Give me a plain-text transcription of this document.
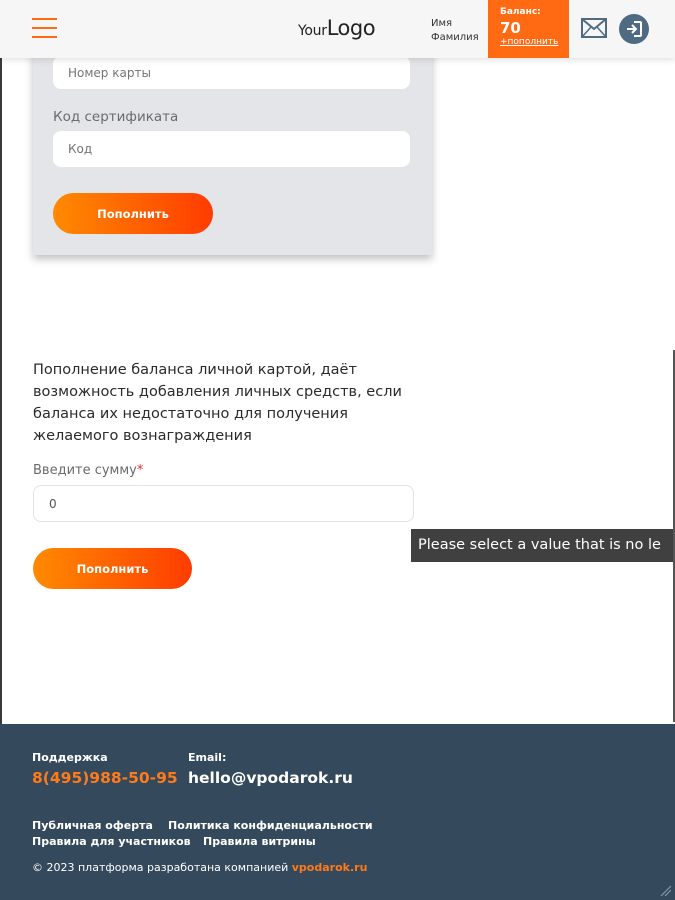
YourLogo	Имя
Фамилия
Баланс:
70
+пополнить
Номер карты
Код сертификата
Код
Пополнить
Пополнение баланса личной картой, даёт возможность добавления личных средств, если баланса их недостаточно для получения желаемого вознаграждения
Введите сумму*
0
Пополнить
Please select a value that is no le
Поддержка	Email:
8(495)988-50-95 hello@vpodarok.ru
Публичная оферта Политика конфиденциальности
Правила для участников Правила витрины
© 2023 платформа разработана компанией vpodarok.ru
